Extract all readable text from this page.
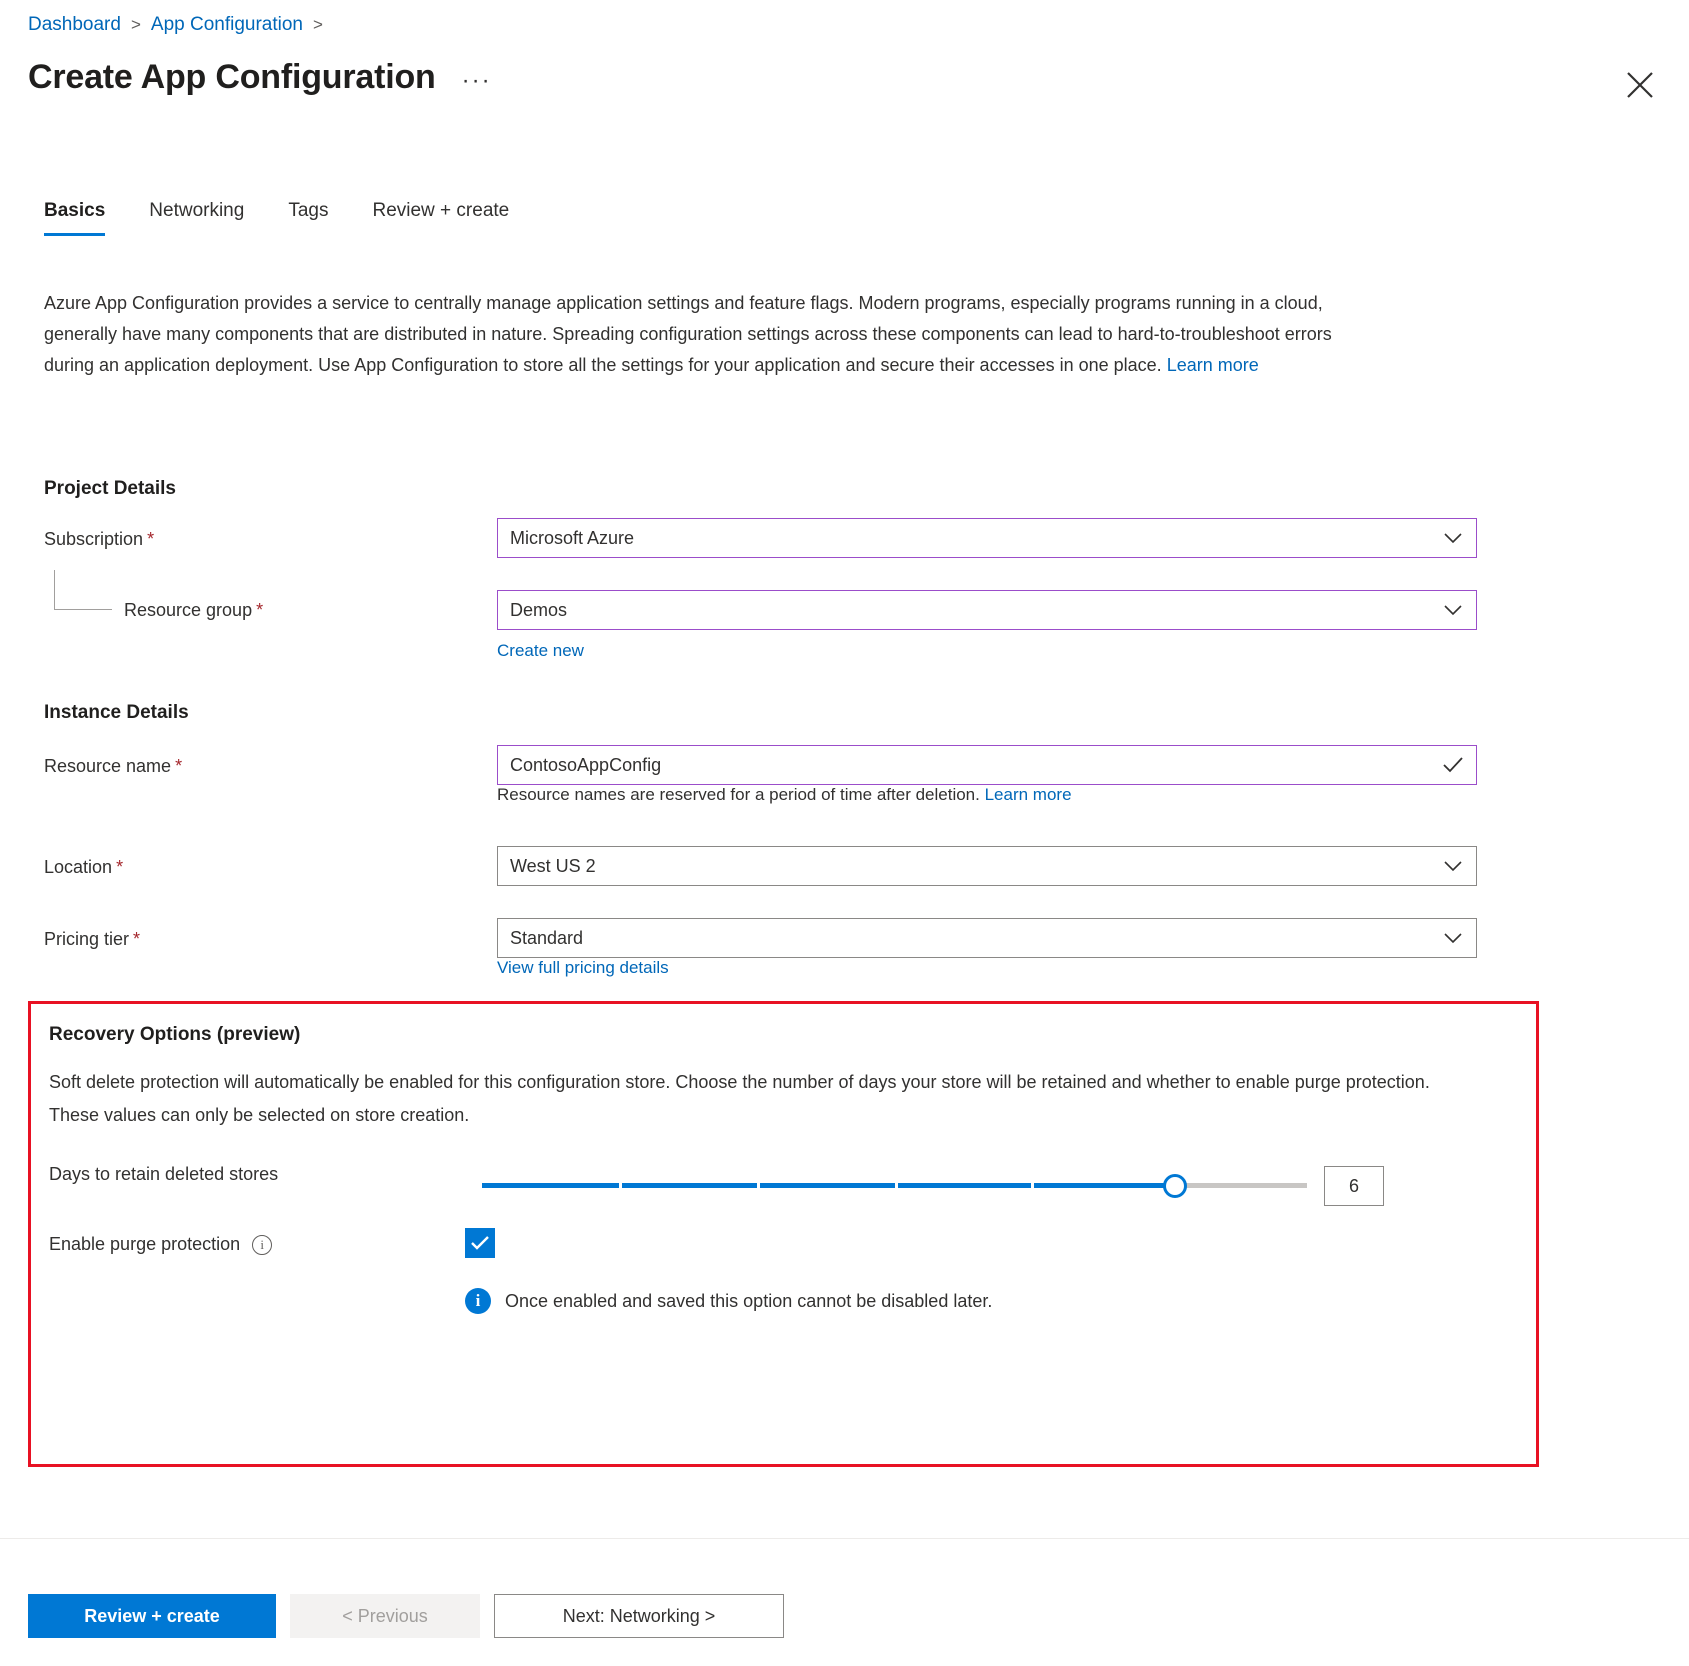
Dashboard > App Configuration >
Create App Configuration ···
Basics	Networking	Tags	Review + create
Azure App Configuration provides a service to centrally manage application settings and feature flags. Modern programs, especially programs running in a cloud, generally have many components that are distributed in nature. Spreading configuration settings across these components can lead to hard-to-troubleshoot errors during an application deployment. Use App Configuration to store all the settings for your application and secure their accesses in one place. Learn more
Project Details
Subscription *	Microsoft Azure
Resource group *	Demos
Create new
Instance Details
Resource name *	ContosoAppConfig
Resource names are reserved for a period of time after deletion. Learn more
Location *	West US 2
Pricing tier *	Standard
View full pricing details
Recovery Options (preview)
Soft delete protection will automatically be enabled for this configuration store. Choose the number of days your store will be retained and whether to enable purge protection. These values can only be selected on store creation.
Days to retain deleted stores
6
Enable purge protection	i
i	Once enabled and saved this option cannot be disabled later.
Review + create	< Previous	Next: Networking >
